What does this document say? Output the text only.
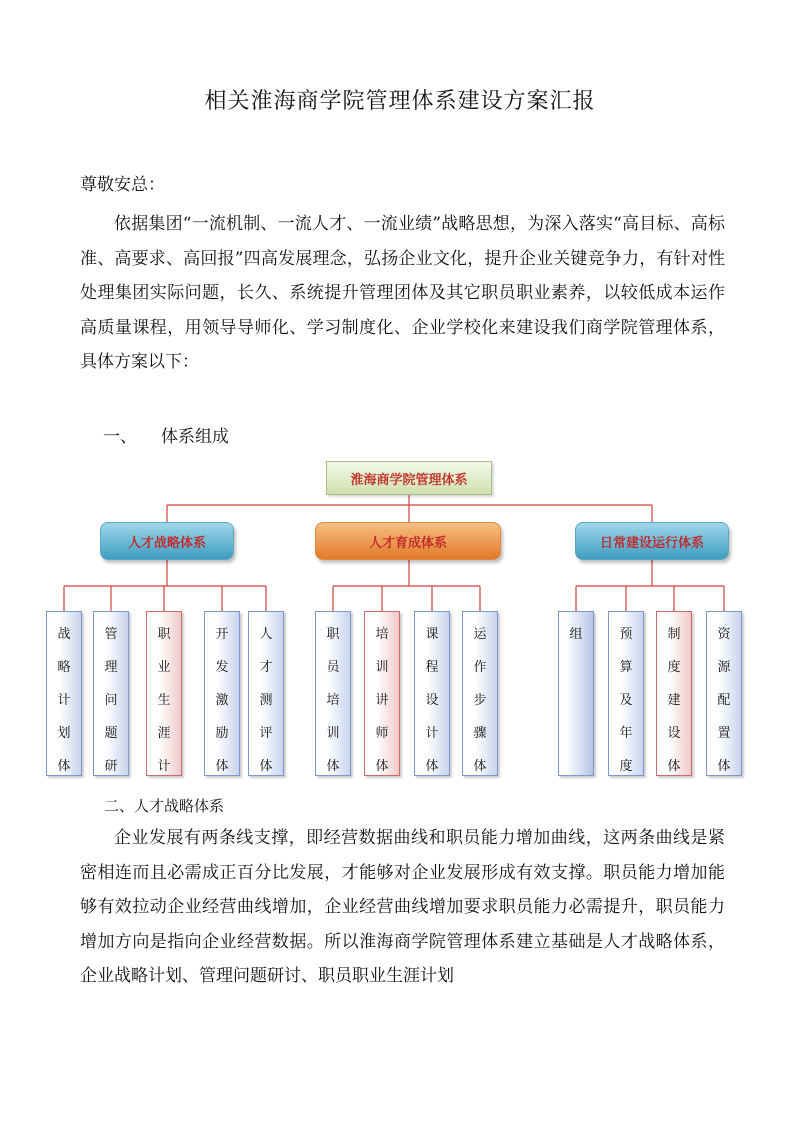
相关淮海商学院管理体系建设方案汇报
尊敬安总：
依据集团“一流机制、一流人才、一流业绩”战略思想，为深入落实“高目标、高标准、高要求、高回报”四高发展理念，弘扬企业文化，提升企业关键竞争力，有针对性处理集团实际问题，长久、系统提升管理团体及其它职员职业素养，以较低成本运作高质量课程，用领导导师化、学习制度化、企业学校化来建设我们商学院管理体系，具体方案以下：
一、 体系组成
淮海商学院管理体系
人才战略体系	人才育成体系	日常建设运行体系
战
略
计
划
体
管
理
问
题
研
职
业
生
涯
计
开
发
激
励
体
人
才
测
评
体
职
员
培
训
体
培
训
讲
师
体
课
程
设
计
体
运
作
步
骤
体
组	预
算
及
年
度
制
度
建
设
体
资
源
配
置
体
二、人才战略体系
企业发展有两条线支撑，即经营数据曲线和职员能力增加曲线，这两条曲线是紧密相连而且必需成正百分比发展，才能够对企业发展形成有效支撑。职员能力增加能够有效拉动企业经营曲线增加，企业经营曲线增加要求职员能力必需提升，职员能力增加方向是指向企业经营数据。所以淮海商学院管理体系建立基础是人才战略体系，企业战略计划、管理问题研讨、职员职业生涯计划
